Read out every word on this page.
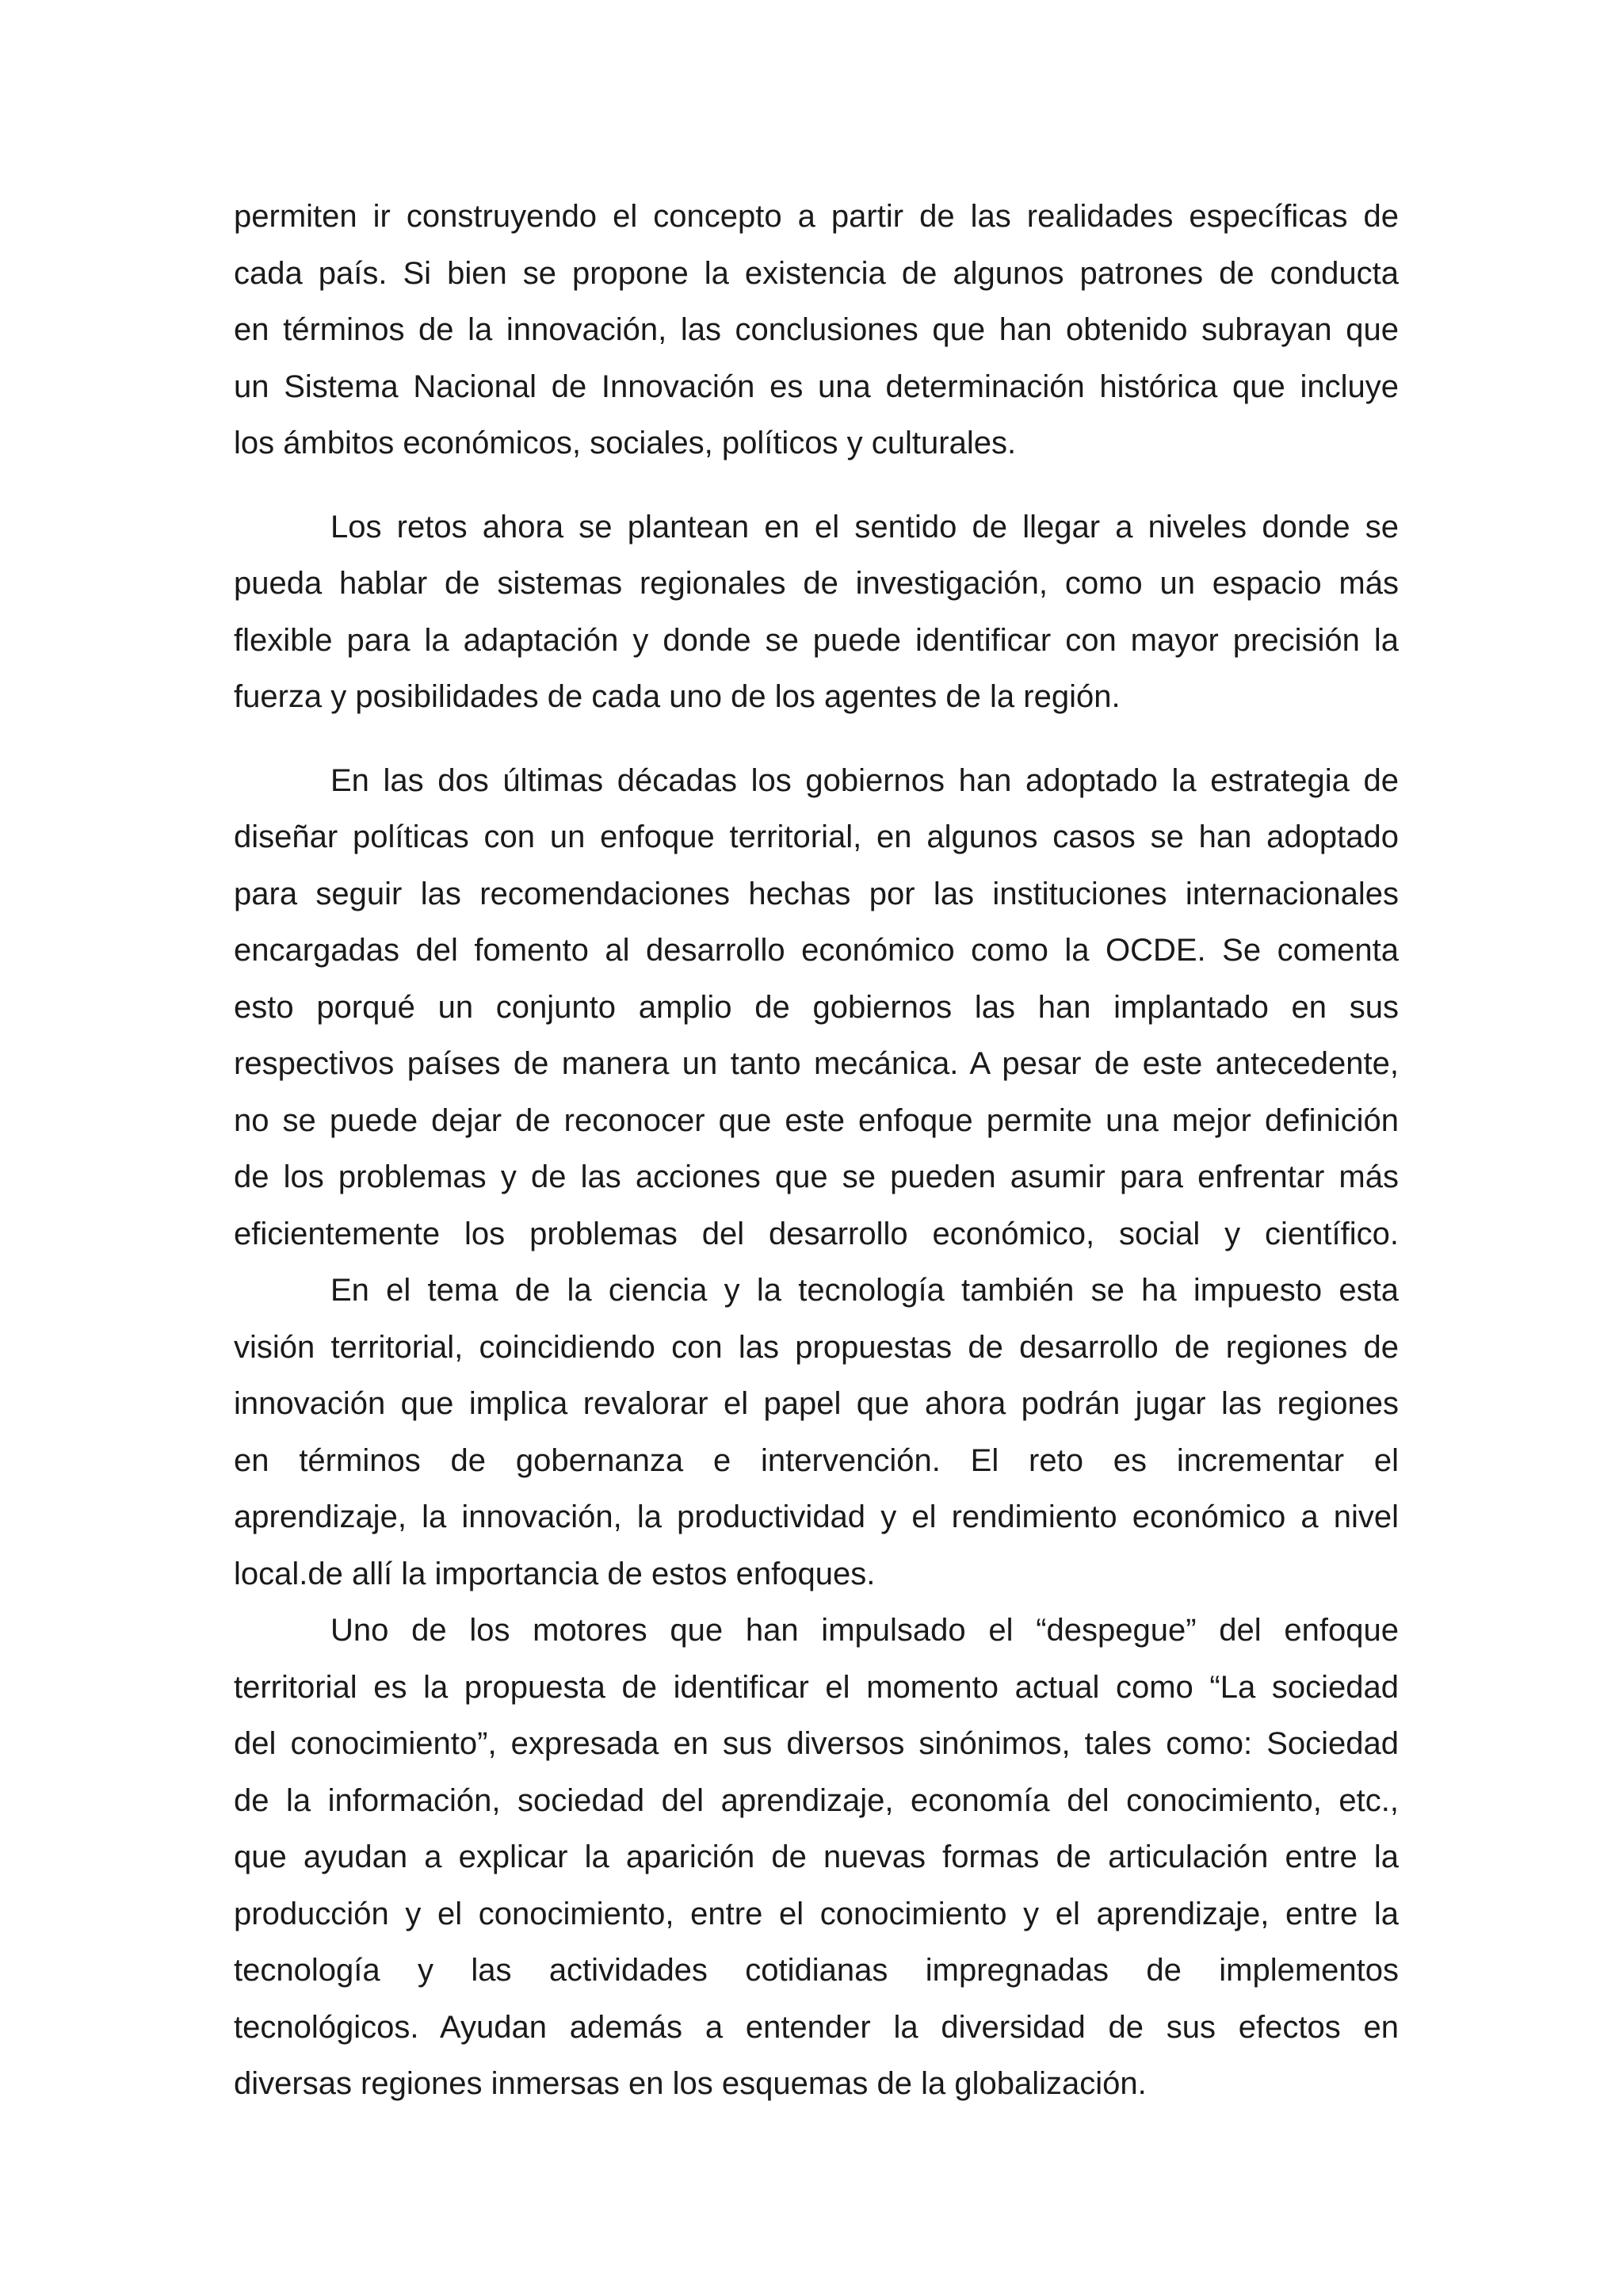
permiten ir construyendo el concepto a partir de las realidades específicas de
cada país. Si bien se propone la existencia de algunos patrones de conducta
en términos de la innovación, las conclusiones que han obtenido subrayan que
un Sistema Nacional de Innovación es una determinación histórica que incluye
los ámbitos económicos, sociales, políticos y culturales.
Los retos ahora se plantean en el sentido de llegar a niveles donde se
pueda hablar de sistemas regionales de investigación, como un espacio más
flexible para la adaptación y donde se puede identificar con mayor precisión la
fuerza y posibilidades de cada uno de los agentes de la región.
En las dos últimas décadas los gobiernos han adoptado la estrategia de
diseñar políticas con un enfoque territorial, en algunos casos se han adoptado
para seguir las recomendaciones hechas por las instituciones internacionales
encargadas del fomento al desarrollo económico como la OCDE. Se comenta
esto porqué un conjunto amplio de gobiernos las han implantado en sus
respectivos países de manera un tanto mecánica. A pesar de este antecedente,
no se puede dejar de reconocer que este enfoque permite una mejor definición
de los problemas y de las acciones que se pueden asumir para enfrentar más
eficientemente los problemas del desarrollo económico, social y científico.
En el tema de la ciencia y la tecnología también se ha impuesto esta
visión territorial, coincidiendo con las propuestas de desarrollo de regiones de
innovación que implica revalorar el papel que ahora podrán jugar las regiones
en términos de gobernanza e intervención. El reto es incrementar el
aprendizaje, la innovación, la productividad y el rendimiento económico a nivel
local.de allí la importancia de estos enfoques.
Uno de los motores que han impulsado el “despegue” del enfoque
territorial es la propuesta de identificar el momento actual como “La sociedad
del conocimiento”, expresada en sus diversos sinónimos, tales como: Sociedad
de la información, sociedad del aprendizaje, economía del conocimiento, etc.,
que ayudan a explicar la aparición de nuevas formas de articulación entre la
producción y el conocimiento, entre el conocimiento y el aprendizaje, entre la
tecnología y las actividades cotidianas impregnadas de implementos
tecnológicos. Ayudan además a entender la diversidad de sus efectos en
diversas regiones inmersas en los esquemas de la globalización.
